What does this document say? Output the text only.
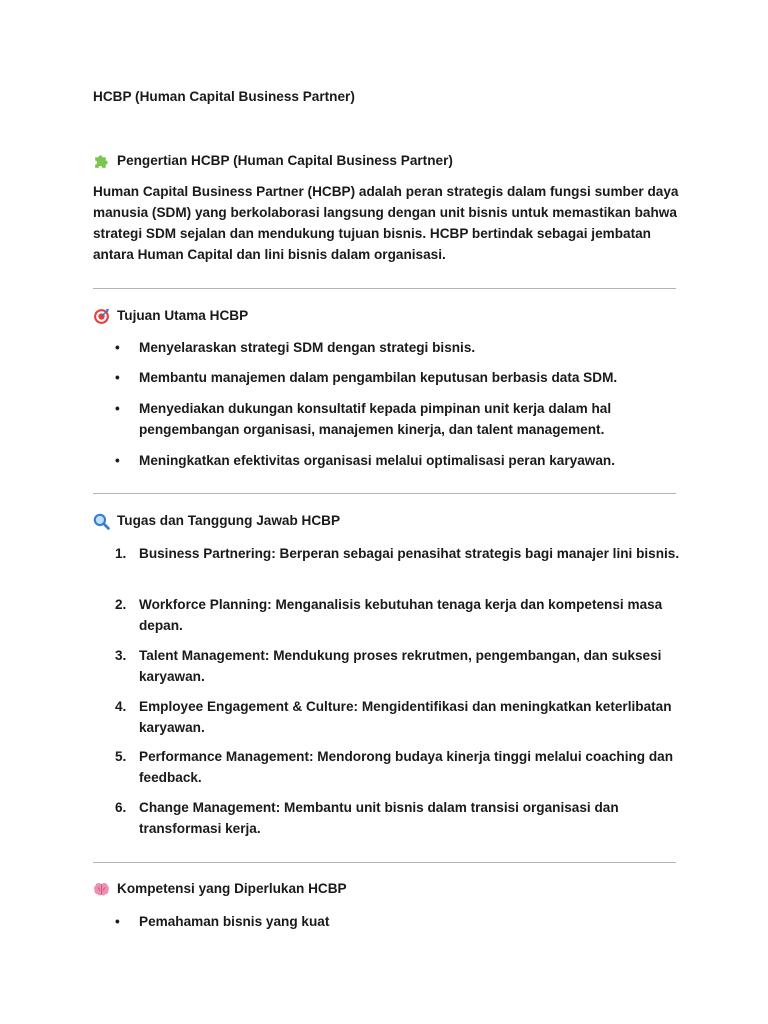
HCBP (Human Capital Business Partner)
Pengertian HCBP (Human Capital Business Partner)

Human Capital Business Partner (HCBP) adalah peran strategis dalam fungsi sumber daya manusia (SDM) yang berkolaborasi langsung dengan unit bisnis untuk memastikan bahwa strategi SDM sejalan dan mendukung tujuan bisnis. HCBP bertindak sebagai jembatan antara Human Capital dan lini bisnis dalam organisasi.

Tujuan Utama HCBP
•	Menyelaraskan strategi SDM dengan strategi bisnis.
•	Membantu manajemen dalam pengambilan keputusan berbasis data SDM.
•	Menyediakan dukungan konsultatif kepada pimpinan unit kerja dalam hal pengembangan organisasi, manajemen kinerja, dan talent management.
•	Meningkatkan efektivitas organisasi melalui optimalisasi peran karyawan.
Tugas dan Tanggung Jawab HCBP
1. Business Partnering: Berperan sebagai penasihat strategis bagi manajer lini bisnis.
2. Workforce Planning: Menganalisis kebutuhan tenaga kerja dan kompetensi masa depan.
3. Talent Management: Mendukung proses rekrutmen, pengembangan, dan suksesi karyawan.
4. Employee Engagement & Culture: Mengidentifikasi dan meningkatkan keterlibatan karyawan.
5. Performance Management: Mendorong budaya kinerja tinggi melalui coaching dan feedback.
6. Change Management: Membantu unit bisnis dalam transisi organisasi dan transformasi kerja.
Kompetensi yang Diperlukan HCBP
•	Pemahaman bisnis yang kuat
